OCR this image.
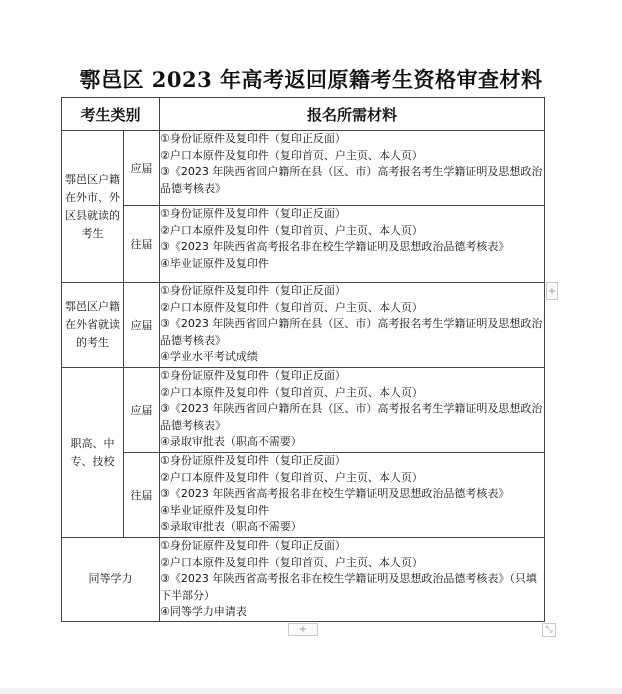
鄠邑区 2023 年高考返回原籍考生资格审查材料
考生类别		报名所需材料
鄠邑区户籍在外市、外区县就读的考生	应届	①身份证原件及复印件（复印正反面）
②户口本原件及复印件（复印首页、户主页、本人页）
③《2023 年陕西省回户籍所在县（区、市）高考报名考生学籍证明及思想政治品德考核表》

	往届	①身份证原件及复印件（复印正反面）
②户口本原件及复印件（复印首页、户主页、本人页）
③《2023 年陕西省高考报名非在校生学籍证明及思想政治品德考核表》
④毕业证原件及复印件

鄠邑区户籍在外省就读的考生	应届	①身份证原件及复印件（复印正反面）
②户口本原件及复印件（复印首页、户主页、本人页）
③《2023 年陕西省回户籍所在县（区、市）高考报名考生学籍证明及思想政治品德考核表》
④学业水平考试成绩

职高、中专、技校	应届	①身份证原件及复印件（复印正反面）
②户口本原件及复印件（复印首页、户主页、本人页）
③《2023 年陕西省回户籍所在县（区、市）高考报名考生学籍证明及思想政治品德考核表》
④录取审批表（职高不需要）

	往届	①身份证原件及复印件（复印正反面）
②户口本原件及复印件（复印首页、户主页、本人页）
③《2023 年陕西省高考报名非在校生学籍证明及思想政治品德考核表》
④毕业证原件及复印件
⑤录取审批表（职高不需要）

同等学力		①身份证原件及复印件（复印正反面）
②户口本原件及复印件（复印首页、户主页、本人页）
③《2023 年陕西省高考报名非在校生学籍证明及思想政治品德考核表》（只填下半部分）
④同等学力申请表
+
+	⤡
